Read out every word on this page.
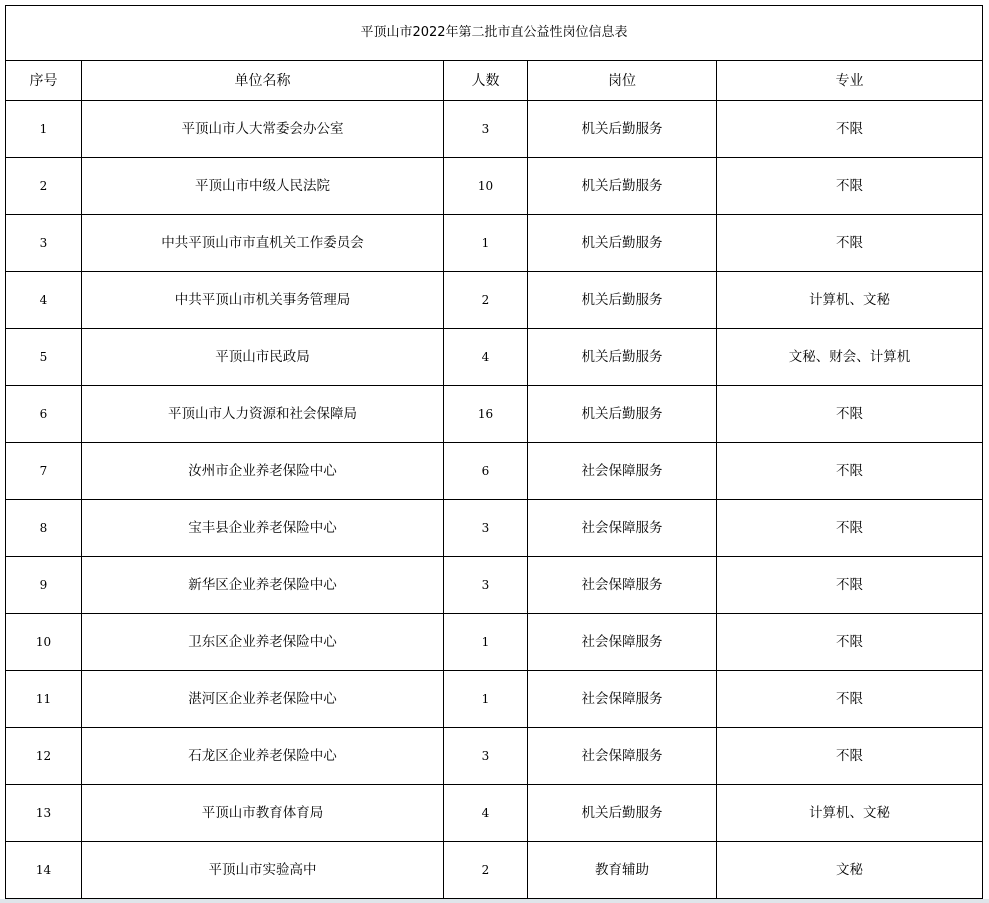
平顶山市2022年第二批市直公益性岗位信息表				
序号	单位名称	人数	岗位	专业
1	平顶山市人大常委会办公室	3	机关后勤服务	不限
2	平顶山市中级人民法院	10	机关后勤服务	不限
3	中共平顶山市市直机关工作委员会	1	机关后勤服务	不限
4	中共平顶山市机关事务管理局	2	机关后勤服务	计算机、文秘
5	平顶山市民政局	4	机关后勤服务	文秘、财会、计算机
6	平顶山市人力资源和社会保障局	16	机关后勤服务	不限
7	汝州市企业养老保险中心	6	社会保障服务	不限
8	宝丰县企业养老保险中心	3	社会保障服务	不限
9	新华区企业养老保险中心	3	社会保障服务	不限
10	卫东区企业养老保险中心	1	社会保障服务	不限
11	湛河区企业养老保险中心	1	社会保障服务	不限
12	石龙区企业养老保险中心	3	社会保障服务	不限
13	平顶山市教育体育局	4	机关后勤服务	计算机、文秘
14	平顶山市实验高中	2	教育辅助	文秘
